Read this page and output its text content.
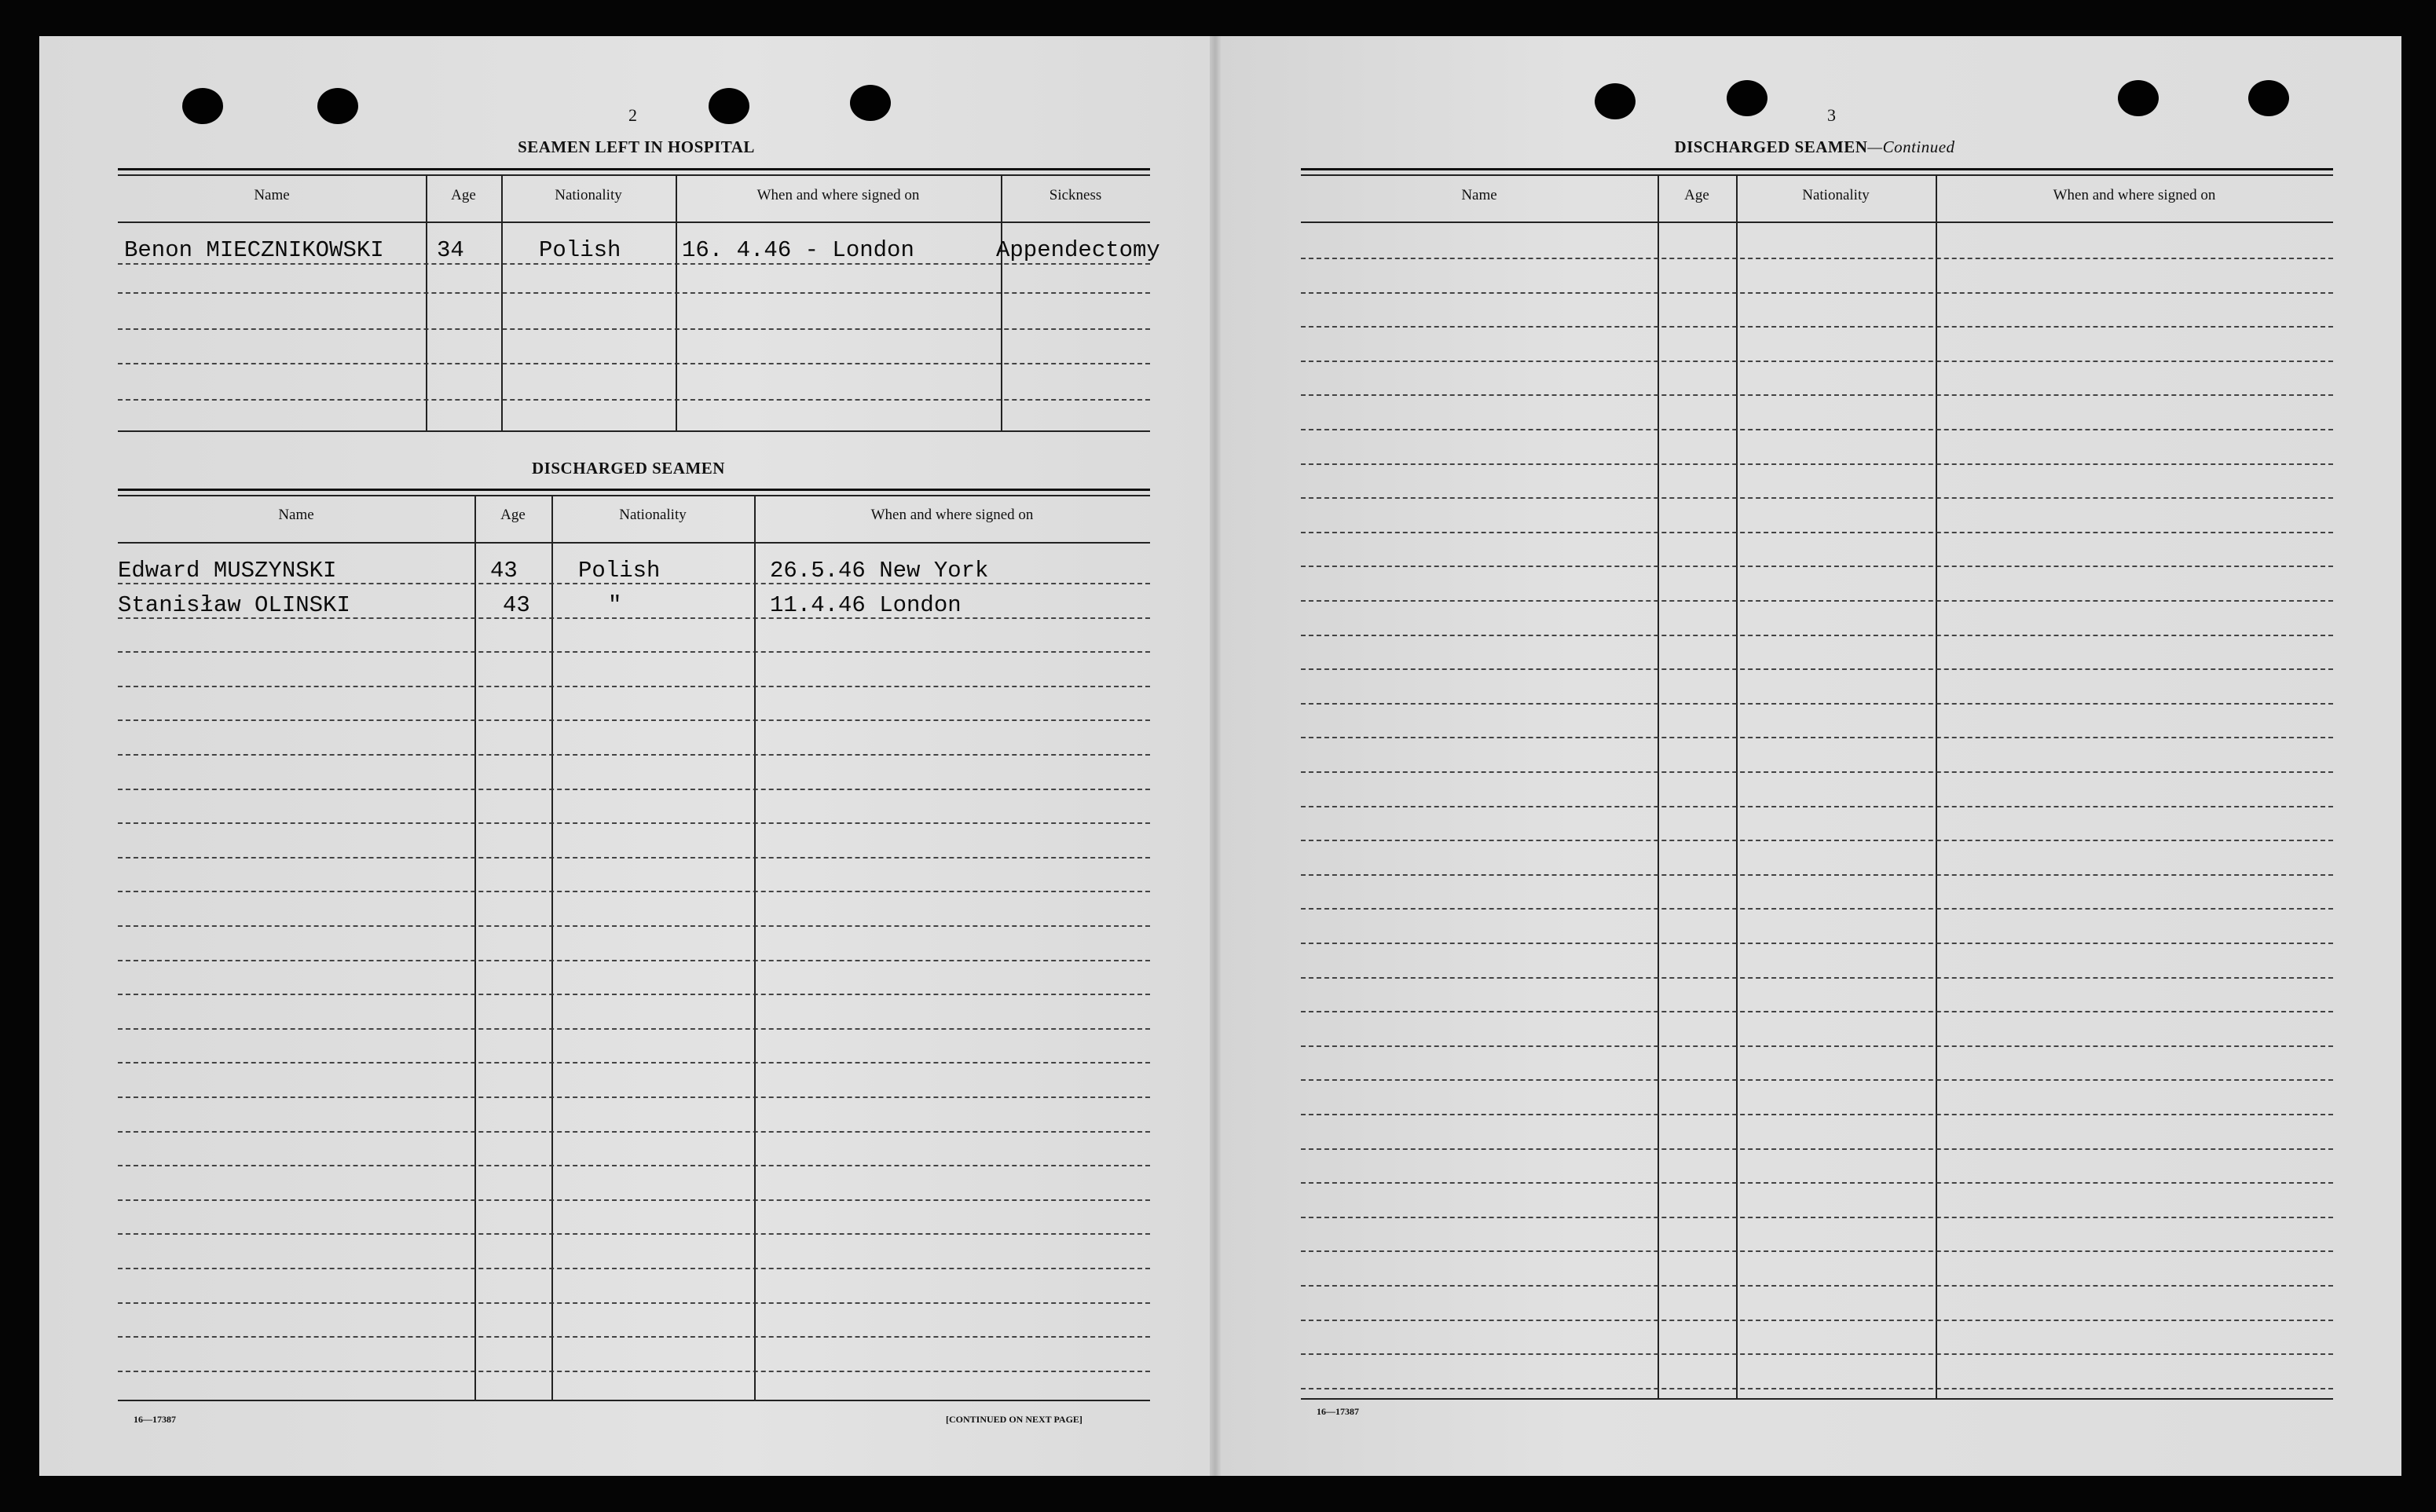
2
SEAMEN LEFT IN HOSPITAL
Name	Age	Nationality	When and where signed on	Sickness
Benon MIECZNIKOWSKI 34	Polish	16. 4.46 - London	Appendectomy
DISCHARGED SEAMEN
Name	Age	Nationality	When and where signed on
Edward MUSZYNSKI	43	Polish	26.5.46 New York
Stanisław OLINSKI	43	"	11.4.46 London
16—17387	[CONTINUED ON NEXT PAGE]
3
DISCHARGED SEAMEN—Continued
Name	Age	Nationality	When and where signed on
16—17387
